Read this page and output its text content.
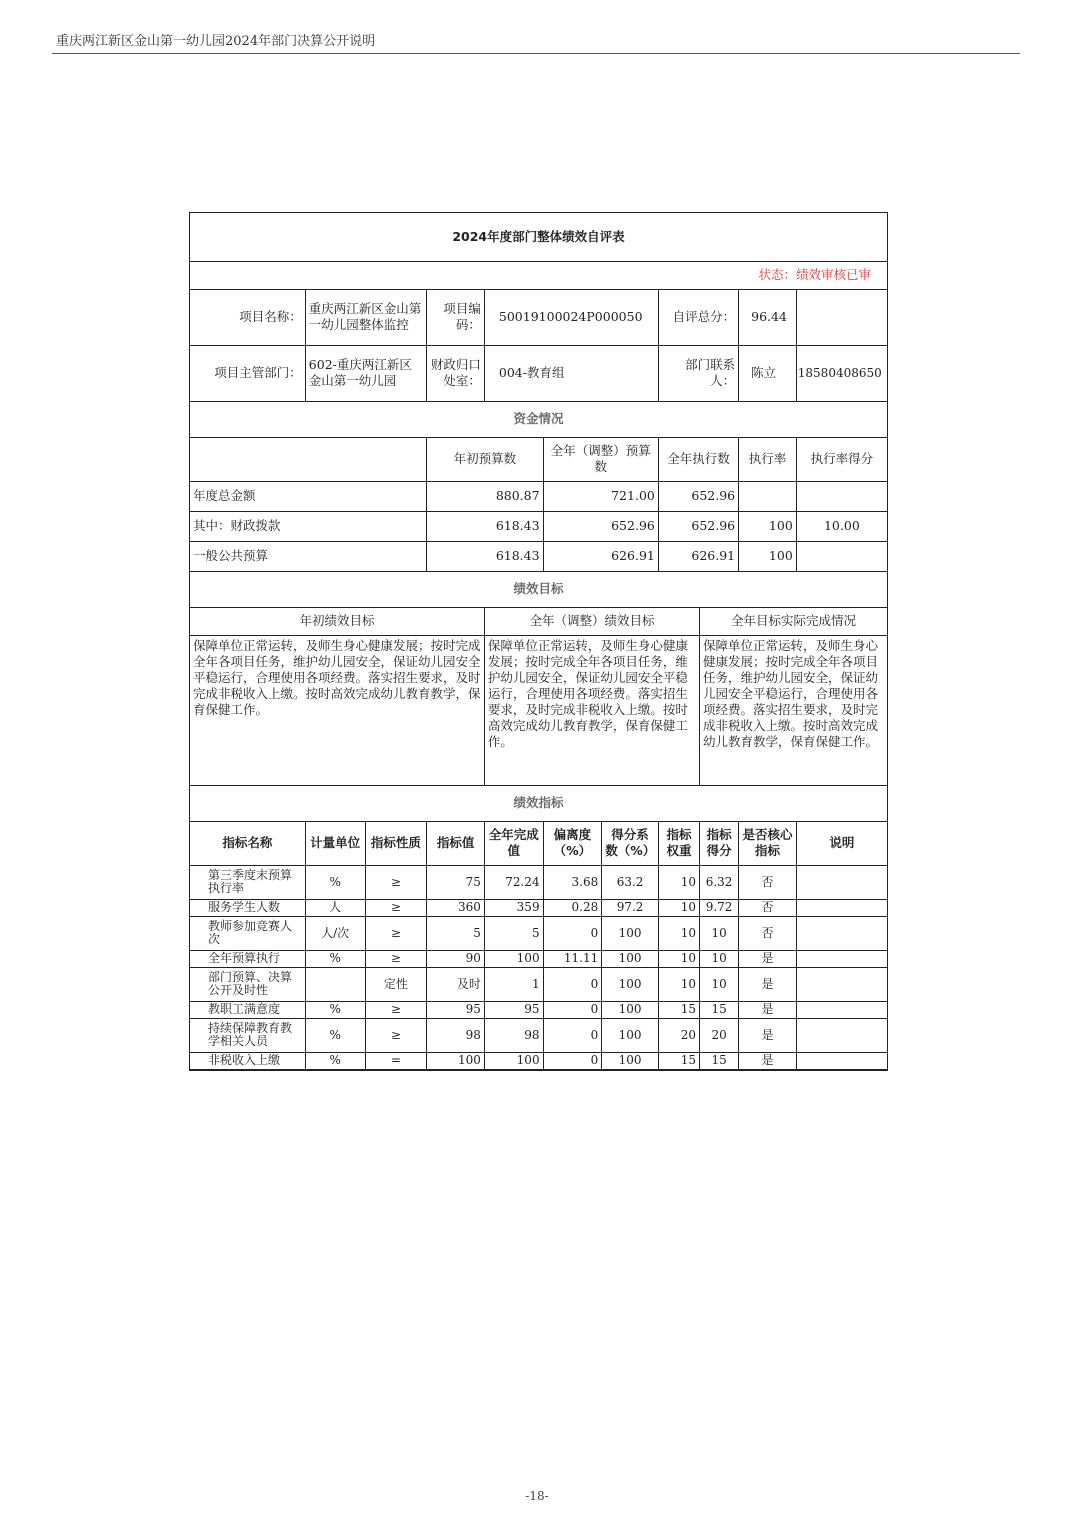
重庆两江新区金山第一幼儿园2024年部门决算公开说明
2024年度部门整体绩效自评表										
状态：绩效审核已审										
项目名称：	重庆两江新区金山第一幼儿园整体监控		项目编码：	50019100024P000050			自评总分：		96.44	
项目主管部门：	602-重庆两江新区金山第一幼儿园		财政归口处室：	004-教育组			部门联系人：		陈立	18580408650

资金情况										
			年初预算数		全年（调整）预算数		全年执行数		执行率	执行率得分
年度总金额			880.87		721.00		652.96			
其中：财政拨款			618.43		652.96		652.96		100	10.00
一般公共预算			618.43		626.91		626.91		100	
绩效目标										
年初绩效目标				全年（调整）绩效目标				全年目标实际完成情况		
保障单位正常运转，及师生身心健康发展；按时完成全年各项目任务，维护幼儿园安全，保证幼儿园安全平稳运行，合理使用各项经费。落实招生要求，及时完成非税收入上缴。按时高效完成幼儿教育教学，保育保健工作。				保障单位正常运转，及师生身心健康发展；按时完成全年各项目任务，维护幼儿园安全，保证幼儿园安全平稳运行，合理使用各项经费。落实招生要求，及时完成非税收入上缴。按时高效完成幼儿教育教学，保育保健工作。				保障单位正常运转，及师生身心健康发展；按时完成全年各项目任务，维护幼儿园安全，保证幼儿园安全平稳运行，合理使用各项经费。落实招生要求，及时完成非税收入上缴。按时高效完成幼儿教育教学，保育保健工作。		
绩效指标										
指标名称	计量单位	指标性质	指标值	全年完成值	偏离度（%）	得分系数（%）	指标权重	指标得分	是否核心指标	说明
第三季度末预算执行率	%	≥	75	72.24	3.68	63.2	10	6.32	否	
服务学生人数	人	≥	360	359	0.28	97.2	10	9.72	否	
教师参加竞赛人次	人/次	≥	5	5	0	100	10	10	否	
全年预算执行	%	≥	90	100	11.11	100	10	10	是	
部门预算、决算公开及时性		定性	及时	1	0	100	10	10	是	
教职工满意度	%	≥	95	95	0	100	15	15	是	
持续保障教育教学相关人员	%	≥	98	98	0	100	20	20	是	
非税收入上缴	%	=	100	100	0	100	15	15	是	
-18-
